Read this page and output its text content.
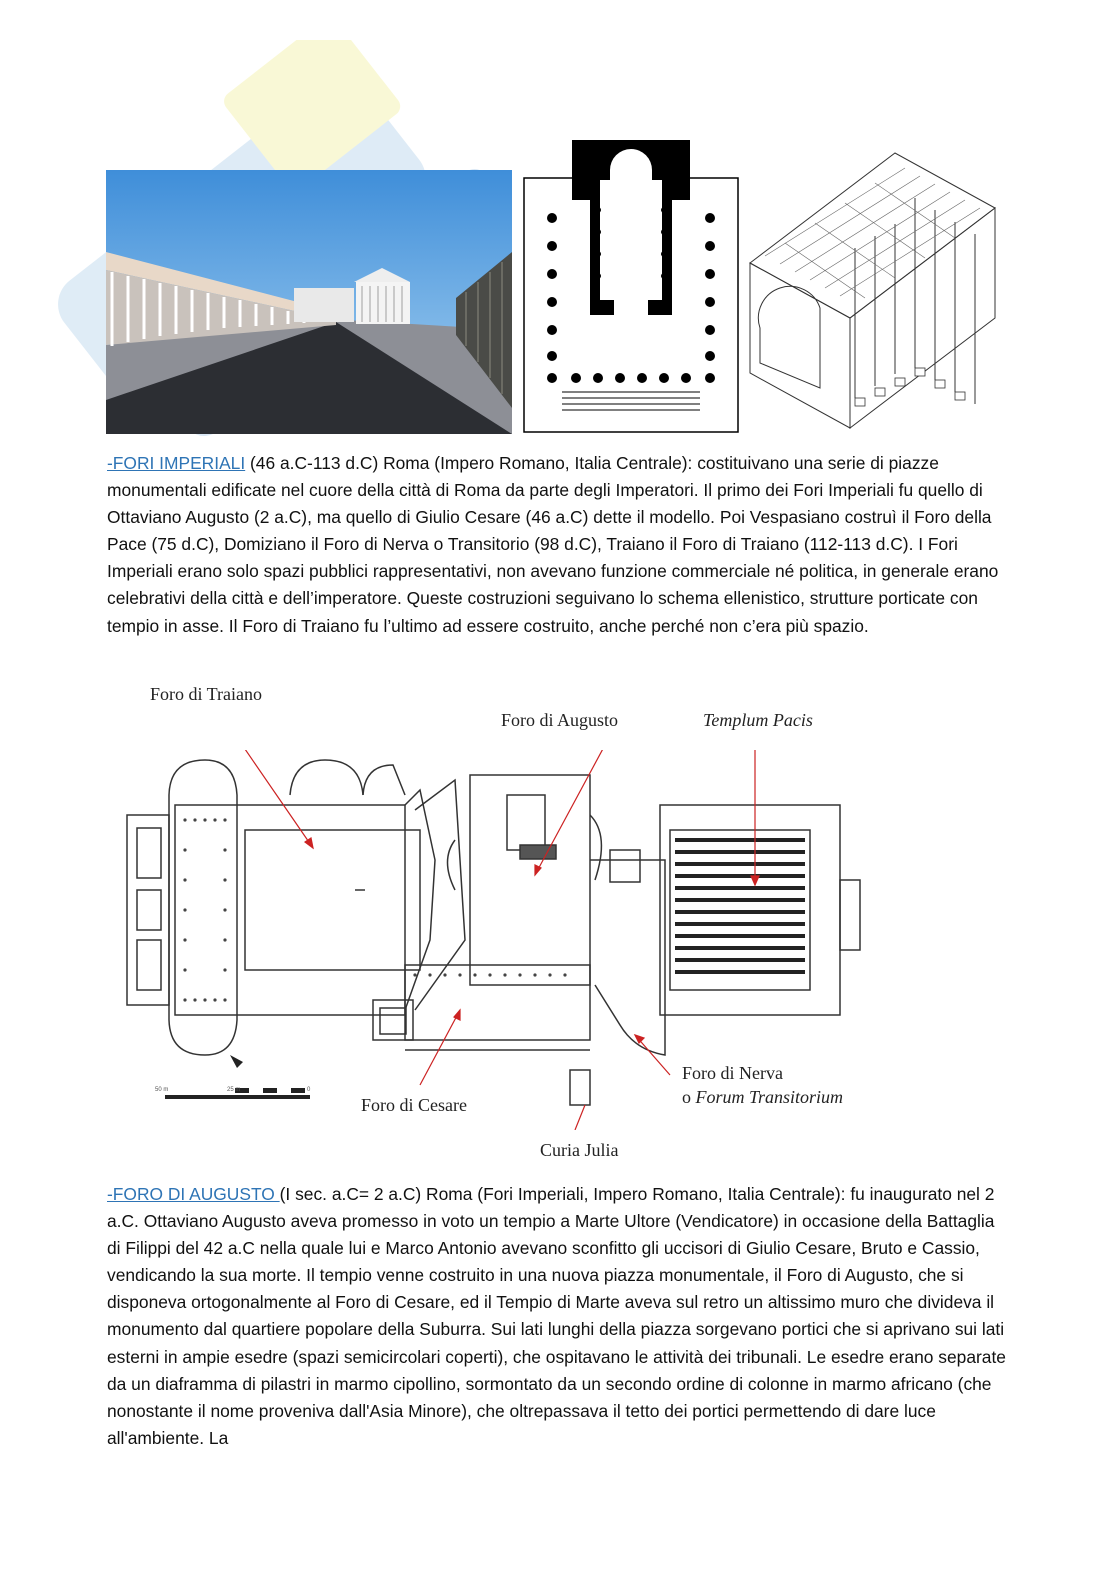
-FORI IMPERIALI (46 a.C-113 d.C) Roma (Impero Romano, Italia Centrale): costituivano una serie di piazze monumentali edificate nel cuore della città di Roma da parte degli Imperatori. Il primo dei Fori Imperiali fu quello di Ottaviano Augusto (2 a.C), ma quello di Giulio Cesare (46 a.C) dette il modello. Poi Vespasiano costruì il Foro della Pace (75 d.C), Domiziano il Foro di Nerva o Transitorio (98 d.C), Traiano il Foro di Traiano (112-113 d.C). I Fori Imperiali erano solo spazi pubblici rappresentativi, non avevano funzione commerciale né politica, in generale erano celebrativi della città e dell’imperatore. Queste costruzioni seguivano lo schema ellenistico, strutture porticate con tempio in asse. Il Foro di Traiano fu l’ultimo ad essere costruito, anche perché non c’era più spazio.
50 m	25 m	0
Foro di Traiano
Foro di Augusto	Templum Pacis
Foro di Nerva
o Forum Transitorium
Foro di Cesare
Curia Julia
-FORO DI AUGUSTO (I sec. a.C= 2 a.C) Roma (Fori Imperiali, Impero Romano, Italia Centrale): fu inaugurato nel 2 a.C. Ottaviano Augusto aveva promesso in voto un tempio a Marte Ultore (Vendicatore) in occasione della Battaglia di Filippi del 42 a.C nella quale lui e Marco Antonio avevano sconfitto gli uccisori di Giulio Cesare, Bruto e Cassio, vendicando la sua morte. Il tempio venne costruito in una nuova piazza monumentale, il Foro di Augusto, che si disponeva ortogonalmente al Foro di Cesare, ed il Tempio di Marte aveva sul retro un altissimo muro che divideva il monumento dal quartiere popolare della Suburra. Sui lati lunghi della piazza sorgevano portici che si aprivano sui lati esterni in ampie esedre (spazi semicircolari coperti), che ospitavano le attività dei tribunali. Le esedre erano separate da un diaframma di pilastri in marmo cipollino, sormontato da un secondo ordine di colonne in marmo africano (che nonostante il nome proveniva dall'Asia Minore), che oltrepassava il tetto dei portici permettendo di dare luce all'ambiente. La
